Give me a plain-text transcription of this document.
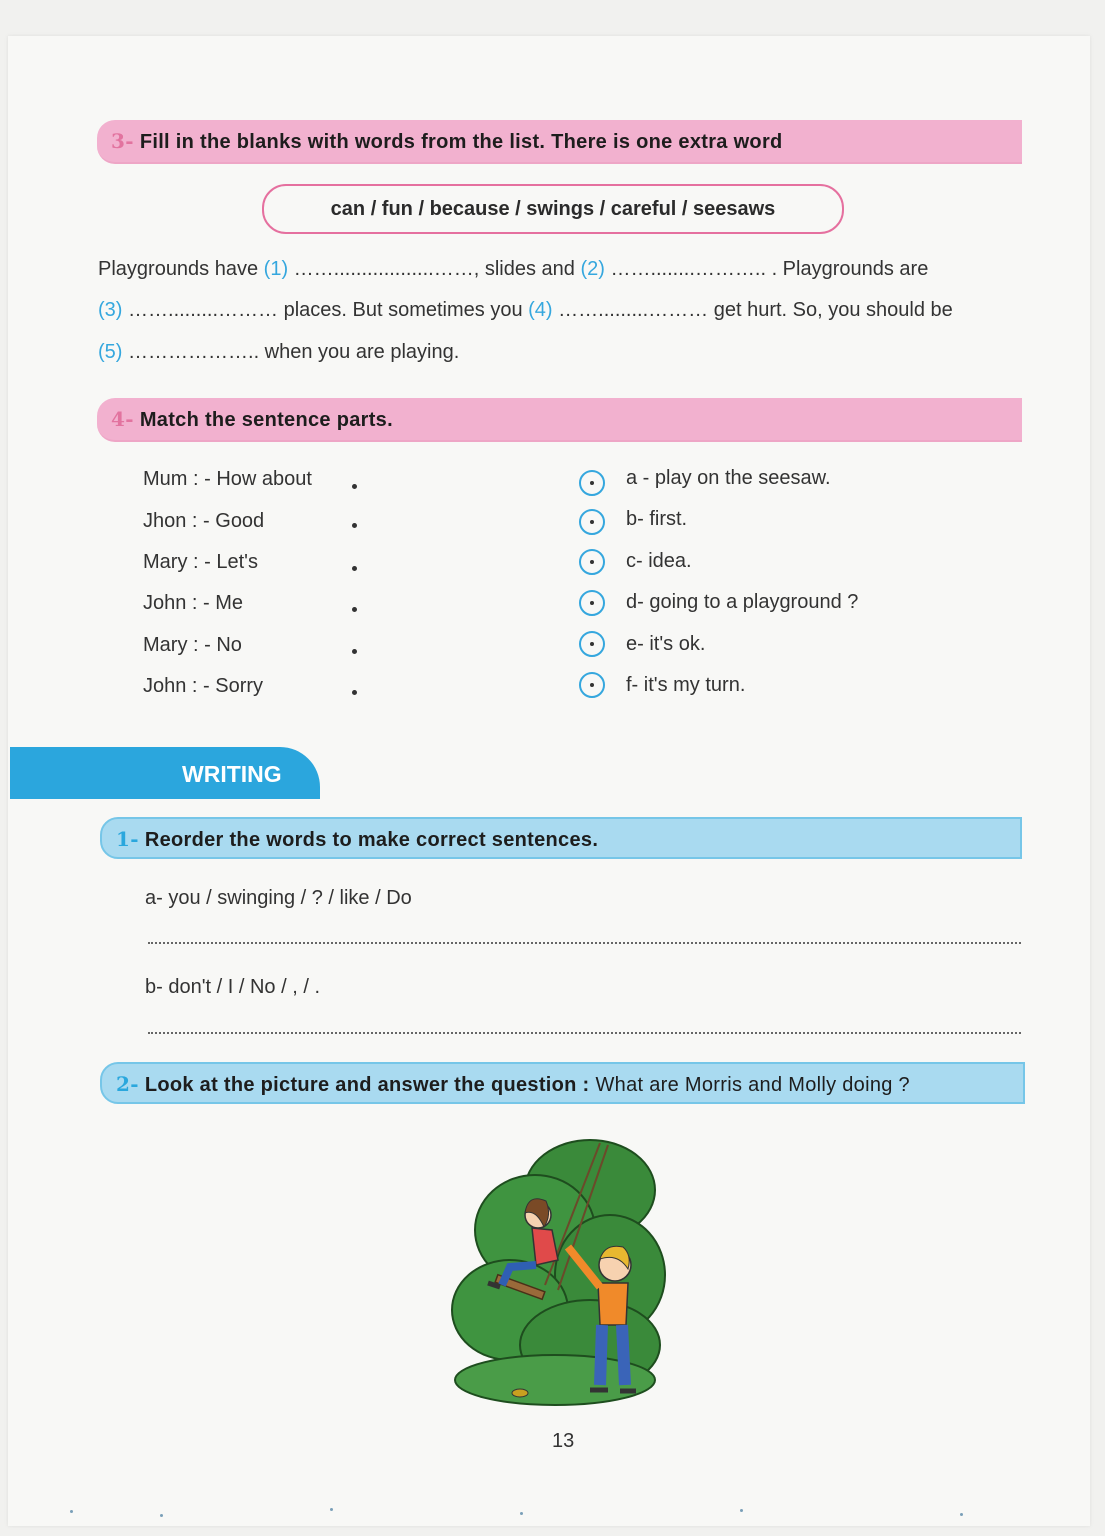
3- Fill in the blanks with words from the list. There is one extra word
can / fun / because / swings / careful / seesaws
Playgrounds have (1) ……..................……, slides and (2) ……........……….. . Playgrounds are
(3) …….........……… places. But sometimes you (4) …….........……… get hurt. So, you should be
(5) ……………….. when you are playing.
4- Match the sentence parts.
Mum : - How about
Jhon : - Good
Mary : - Let's
John : - Me
Mary : - No
John : - Sorry
a - play on the seesaw.
b- first.
c- idea.
d- going to a playground ?
e- it's ok.
f- it's my turn.
WRITING
1- Reorder the words to make correct sentences.
a- you / swinging / ? / like / Do
b- don't / I / No / , / .
2- Look at the picture and answer the question : What are Morris and Molly doing ?
13
